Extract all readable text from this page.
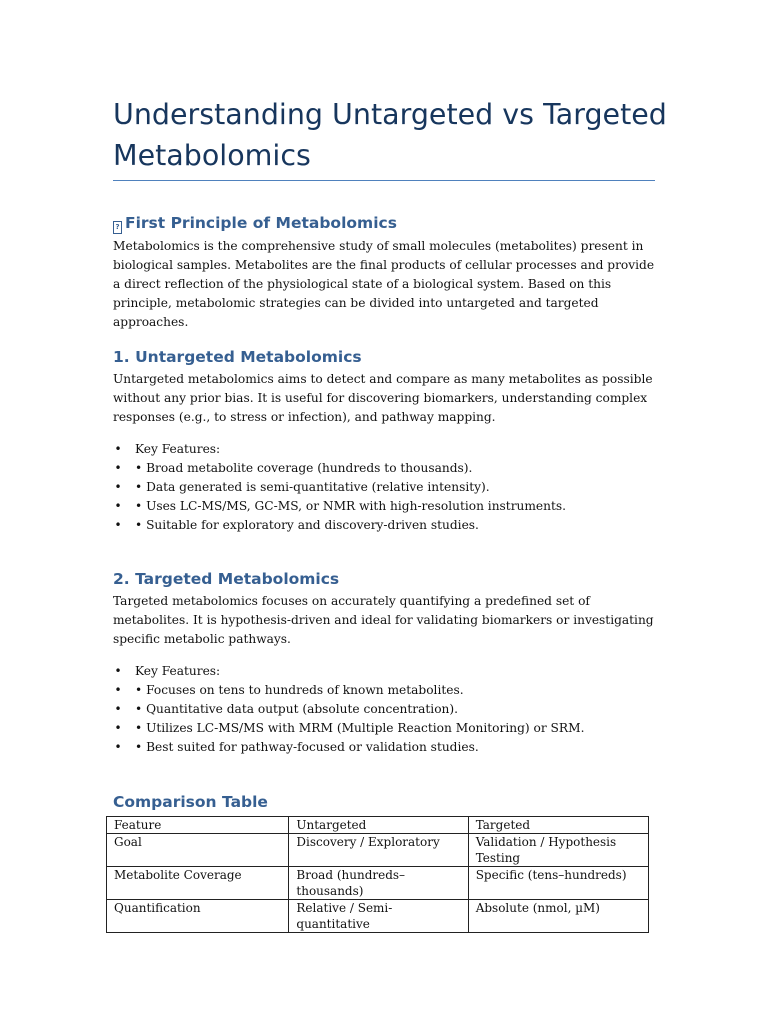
Understanding Untargeted vs Targeted Metabolomics
? First Principle of Metabolomics

Metabolomics is the comprehensive study of small molecules (metabolites) present in biological samples. Metabolites are the final products of cellular processes and provide a direct reflection of the physiological state of a biological system. Based on this principle, metabolomic strategies can be divided into untargeted and targeted approaches.

1. Untargeted Metabolomics

Untargeted metabolomics aims to detect and compare as many metabolites as possible without any prior bias. It is useful for discovering biomarkers, understanding complex responses (e.g., to stress or infection), and pathway mapping.

• Key Features:
• • Broad metabolite coverage (hundreds to thousands).
• • Data generated is semi-quantitative (relative intensity).
• • Uses LC-MS/MS, GC-MS, or NMR with high-resolution instruments.
• • Suitable for exploratory and discovery-driven studies.
2. Targeted Metabolomics

Targeted metabolomics focuses on accurately quantifying a predefined set of metabolites. It is hypothesis-driven and ideal for validating biomarkers or investigating specific metabolic pathways.

• Key Features:
• • Focuses on tens to hundreds of known metabolites.
• • Quantitative data output (absolute concentration).
• • Utilizes LC-MS/MS with MRM (Multiple Reaction Monitoring) or SRM.
• • Best suited for pathway-focused or validation studies.
Comparison Table
Feature	Untargeted	Targeted
Goal	Discovery / Exploratory	Validation / Hypothesis Testing
Metabolite Coverage	Broad (hundreds–thousands)	Specific (tens–hundreds)
Quantification	Relative / Semi-quantitative	Absolute (nmol, µM)
